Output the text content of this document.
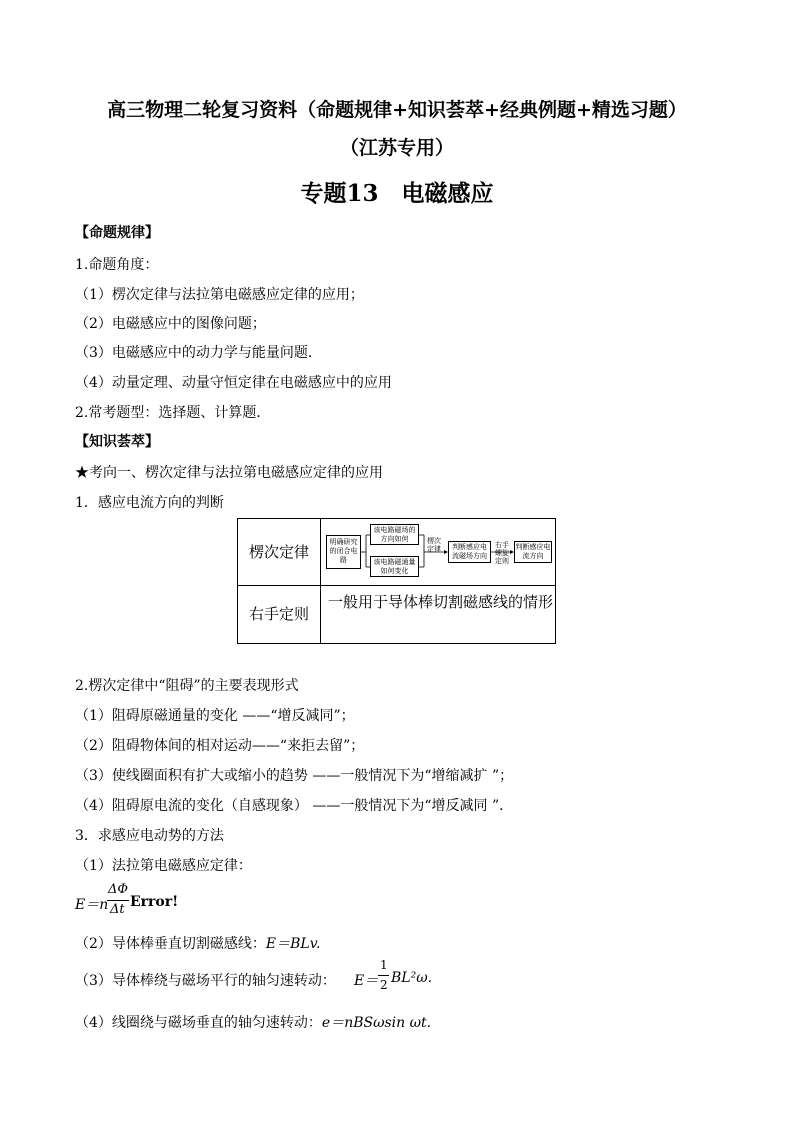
高三物理二轮复习资料（命题规律+知识荟萃+经典例题+精选习题）
（江苏专用）
专题13　电磁感应
【命题规律】
1.命题角度：
（1）楞次定律与法拉第电磁感应定律的应用；
（2）电磁感应中的图像问题；
（3）电磁感应中的动力学与能量问题．
（4）动量定理、动量守恒定律在电磁感应中的应用
2.常考题型：选择题、计算题．
【知识荟萃】
★考向一、楞次定律与法拉第电磁感应定律的应用
1．感应电流方向的判断
楞次定律
右手定则
一般用于导体棒切割磁感线的情形
明确研究的闭合电路
该电路磁场的方向如何
该电路磁通量如何变化
楞次定律	判断感应电流磁场方向
右手螺旋定则
判断感应电流方向
2.楞次定律中“阻碍”的主要表现形式
（1）阻碍原磁通量的变化 ——“增反减同”；
（2）阻碍物体间的相对运动——“来拒去留”；
（3）使线圈面积有扩大或缩小的趋势 ——一般情况下为“增缩减扩 ”；
（4）阻碍原电流的变化（自感现象） ——一般情况下为“增反减同 ”．
3．求感应电动势的方法
（1）法拉第电磁感应定律：
E＝n
ΔΦ
Δt Error!
（2）导体棒垂直切割磁感线：E＝BLv.
（3）导体棒绕与磁场平行的轴匀速转动： E＝
1
2 BL²ω.
（4）线圈绕与磁场垂直的轴匀速转动：e＝nBSωsin ωt.
